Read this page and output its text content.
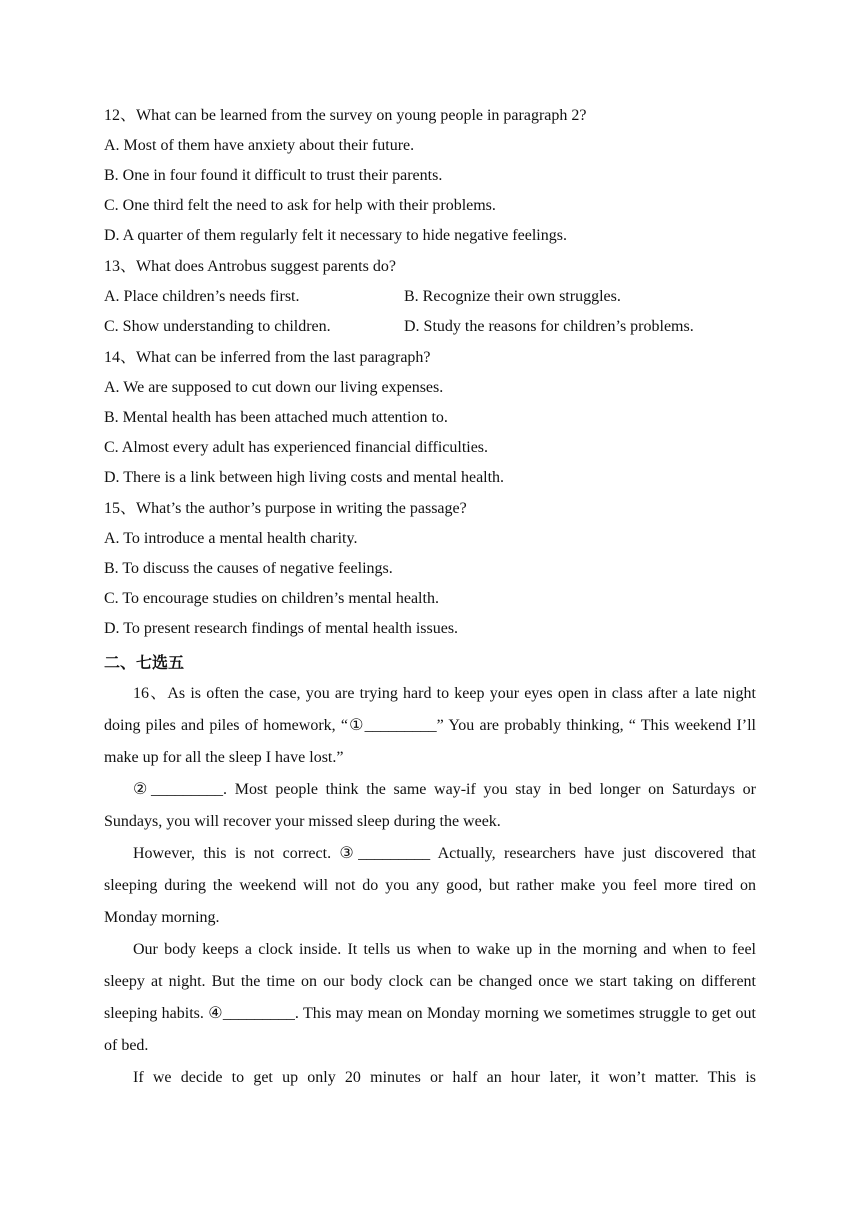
12、What can be learned from the survey on young people in paragraph 2?
A. Most of them have anxiety about their future.
B. One in four found it difficult to trust their parents.
C. One third felt the need to ask for help with their problems.
D. A quarter of them regularly felt it necessary to hide negative feelings.
13、What does Antrobus suggest parents do?
A. Place children’s needs first.	B. Recognize their own struggles.
C. Show understanding to children.	D. Study the reasons for children’s problems.
14、What can be inferred from the last paragraph?
A. We are supposed to cut down our living expenses.
B. Mental health has been attached much attention to.
C. Almost every adult has experienced financial difficulties.
D. There is a link between high living costs and mental health.
15、What’s the author’s purpose in writing the passage?
A. To introduce a mental health charity.
B. To discuss the causes of negative feelings.
C. To encourage studies on children’s mental health.
D. To present research findings of mental health issues.
二、七选五

16、As is often the case, you are trying hard to keep your eyes open in class after a late night doing piles and piles of homework, “①_________” You are probably thinking, “ This weekend I’ll make up for all the sleep I have lost.”

②_________. Most people think the same way-if you stay in bed longer on Saturdays or Sundays, you will recover your missed sleep during the week.

However, this is not correct. ③_________ Actually, researchers have just discovered that sleeping during the weekend will not do you any good, but rather make you feel more tired on Monday morning.

Our body keeps a clock inside. It tells us when to wake up in the morning and when to feel sleepy at night. But the time on our body clock can be changed once we start taking on different sleeping habits. ④_________. This may mean on Monday morning we sometimes struggle to get out of bed.

If we decide to get up only 20 minutes or half an hour later, it won’t matter. This is
